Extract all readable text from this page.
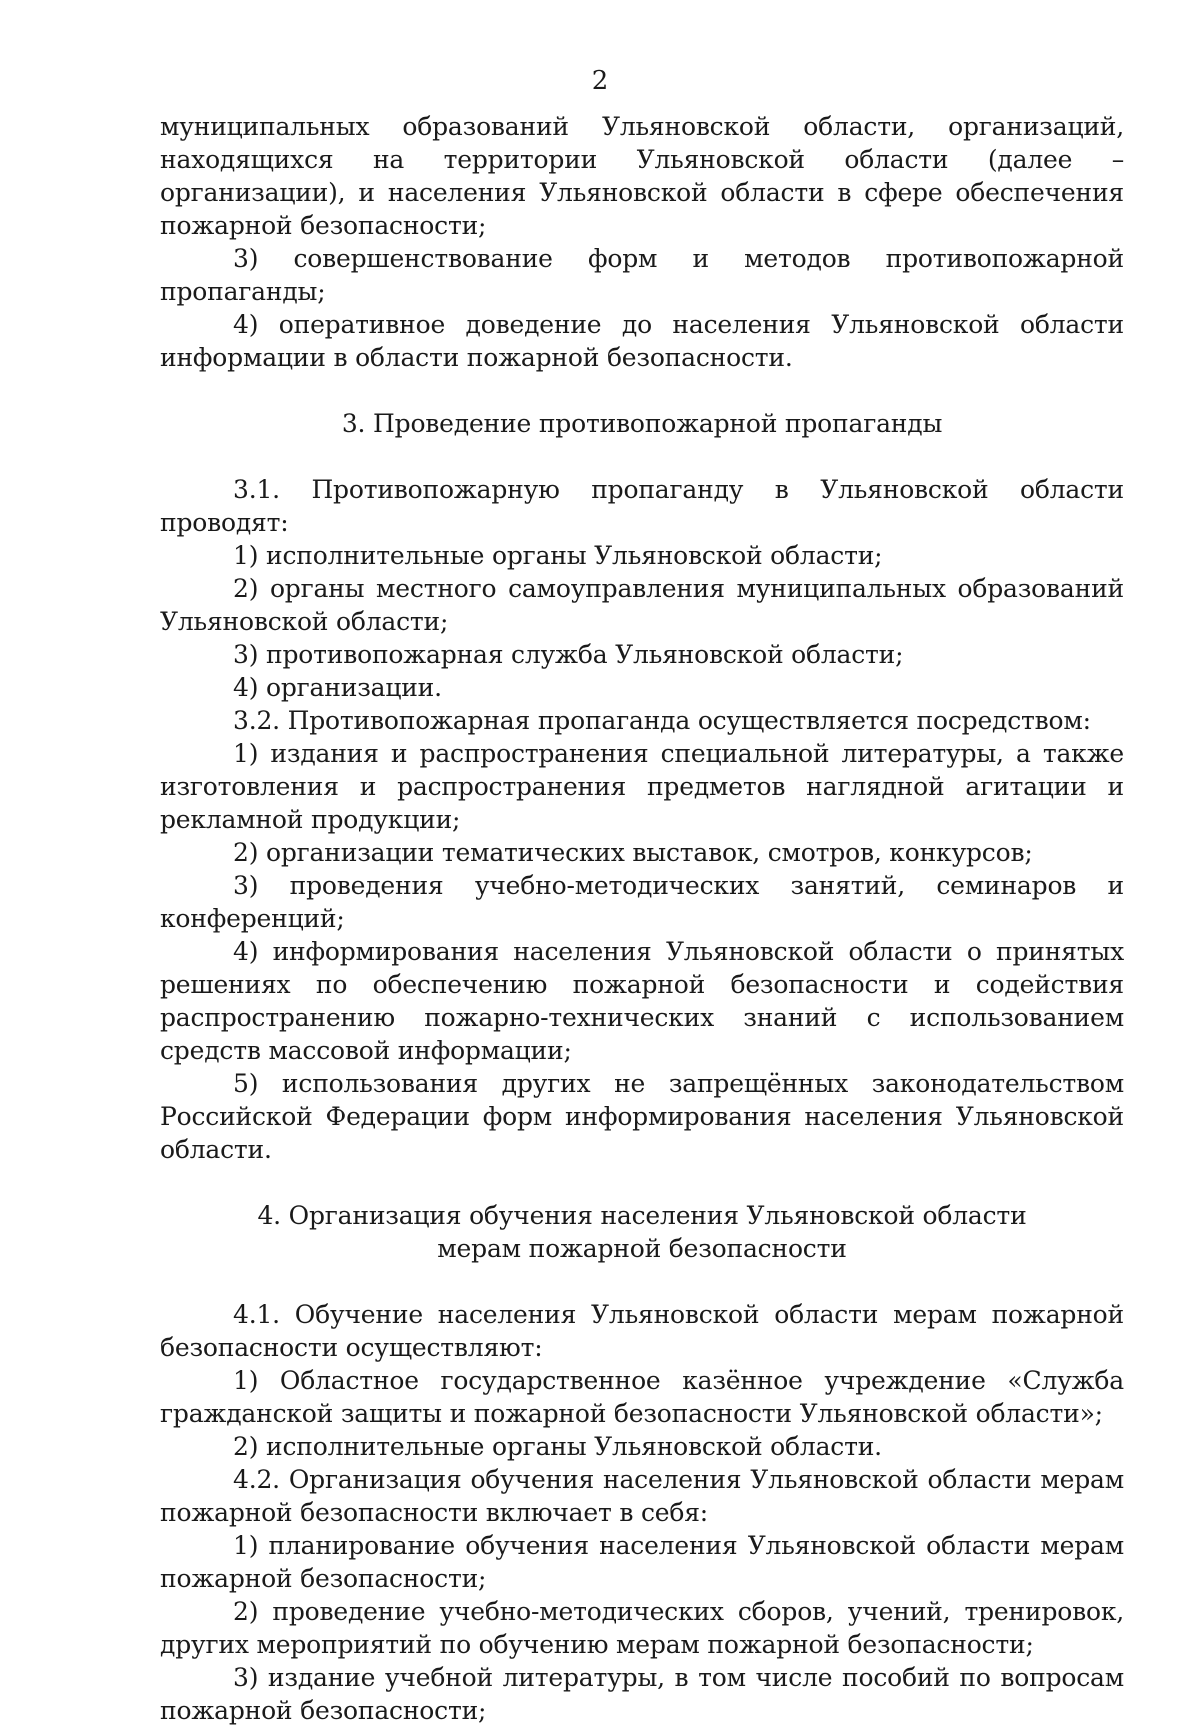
2

муниципальных образований Ульяновской области, организаций, находящихся на территории Ульяновской области (далее – организации), и населения Ульяновской области в сфере обеспечения пожарной безопасности;

3) совершенствование форм и методов противопожарной пропаганды;

4) оперативное доведение до населения Ульяновской области информации в области пожарной безопасности.

3. Проведение противопожарной пропаганды

3.1. Противопожарную пропаганду в Ульяновской области проводят:

1) исполнительные органы Ульяновской области;

2) органы местного самоуправления муниципальных образований Ульяновской области;

3) противопожарная служба Ульяновской области;

4) организации.

3.2. Противопожарная пропаганда осуществляется посредством:

1) издания и распространения специальной литературы, а также изготовления и распространения предметов наглядной агитации и рекламной продукции;

2) организации тематических выставок, смотров, конкурсов;

3) проведения учебно-методических занятий, семинаров и конференций;

4) информирования населения Ульяновской области о принятых решениях по обеспечению пожарной безопасности и содействия распространению пожарно-технических знаний с использованием средств массовой информации;

5) использования других не запрещённых законодательством Российской Федерации форм информирования населения Ульяновской области.

4. Организация обучения населения Ульяновской области
мерам пожарной безопасности

4.1. Обучение населения Ульяновской области мерам пожарной безопасности осуществляют:

1) Областное государственное казённое учреждение «Служба гражданской защиты и пожарной безопасности Ульяновской области»;

2) исполнительные органы Ульяновской области.

4.2. Организация обучения населения Ульяновской области мерам пожарной безопасности включает в себя:

1) планирование обучения населения Ульяновской области мерам пожарной безопасности;

2) проведение учебно-методических сборов, учений, тренировок, других мероприятий по обучению мерам пожарной безопасности;

3) издание учебной литературы, в том числе пособий по вопросам пожарной безопасности;
